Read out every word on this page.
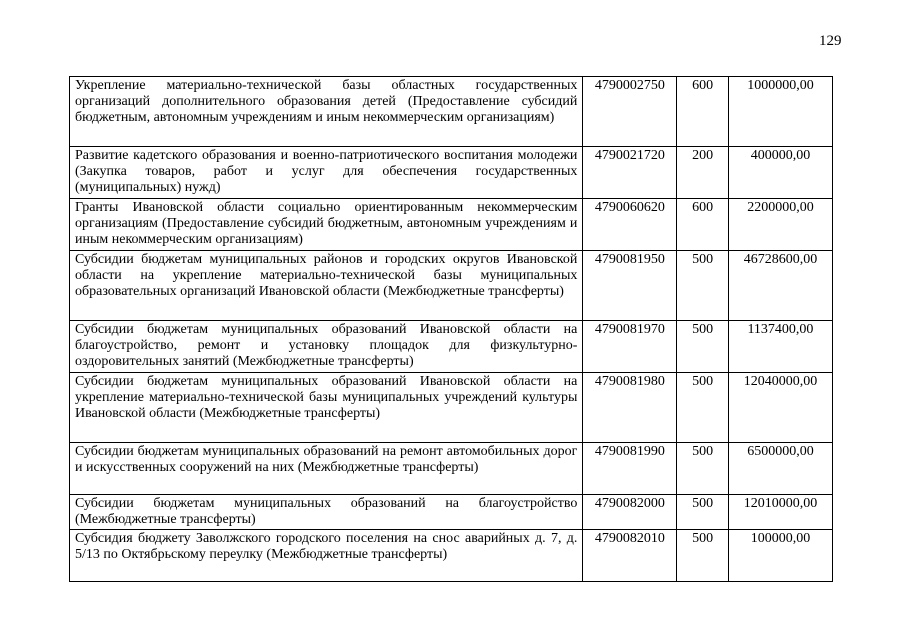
129
Укрепление материально-технической базы областных государственных организаций дополнительного образования детей (Предоставление субсидий бюджетным, автономным учреждениям и иным некоммерческим организациям)	4790002750	600	1000000,00
Развитие кадетского образования и военно-патриотического воспитания молодежи (Закупка товаров, работ и услуг для обеспечения государственных (муниципальных) нужд)	4790021720	200	400000,00
Гранты Ивановской области социально ориентированным некоммерческим организациям (Предоставление субсидий бюджетным, автономным учреждениям и иным некоммерческим организациям)	4790060620	600	2200000,00
Субсидии бюджетам муниципальных районов и городских округов Ивановской области на укрепление материально-технической базы муниципальных образовательных организаций Ивановской области (Межбюджетные трансферты)	4790081950	500	46728600,00
Субсидии бюджетам муниципальных образований Ивановской области на благоустройство, ремонт и установку площадок для физкультурно-оздоровительных занятий (Межбюджетные трансферты)	4790081970	500	1137400,00
Субсидии бюджетам муниципальных образований Ивановской области на укрепление материально-технической базы муниципальных учреждений культуры Ивановской области (Межбюджетные трансферты)	4790081980	500	12040000,00
Субсидии бюджетам муниципальных образований на ремонт автомобильных дорог и искусственных сооружений на них (Межбюджетные трансферты)	4790081990	500	6500000,00
Субсидии бюджетам муниципальных образований на благоустройство (Межбюджетные трансферты)	4790082000	500	12010000,00
Субсидия бюджету Заволжского городского поселения на снос аварийных д. 7, д. 5/13 по Октябрьскому переулку (Межбюджетные трансферты)	4790082010	500	100000,00
